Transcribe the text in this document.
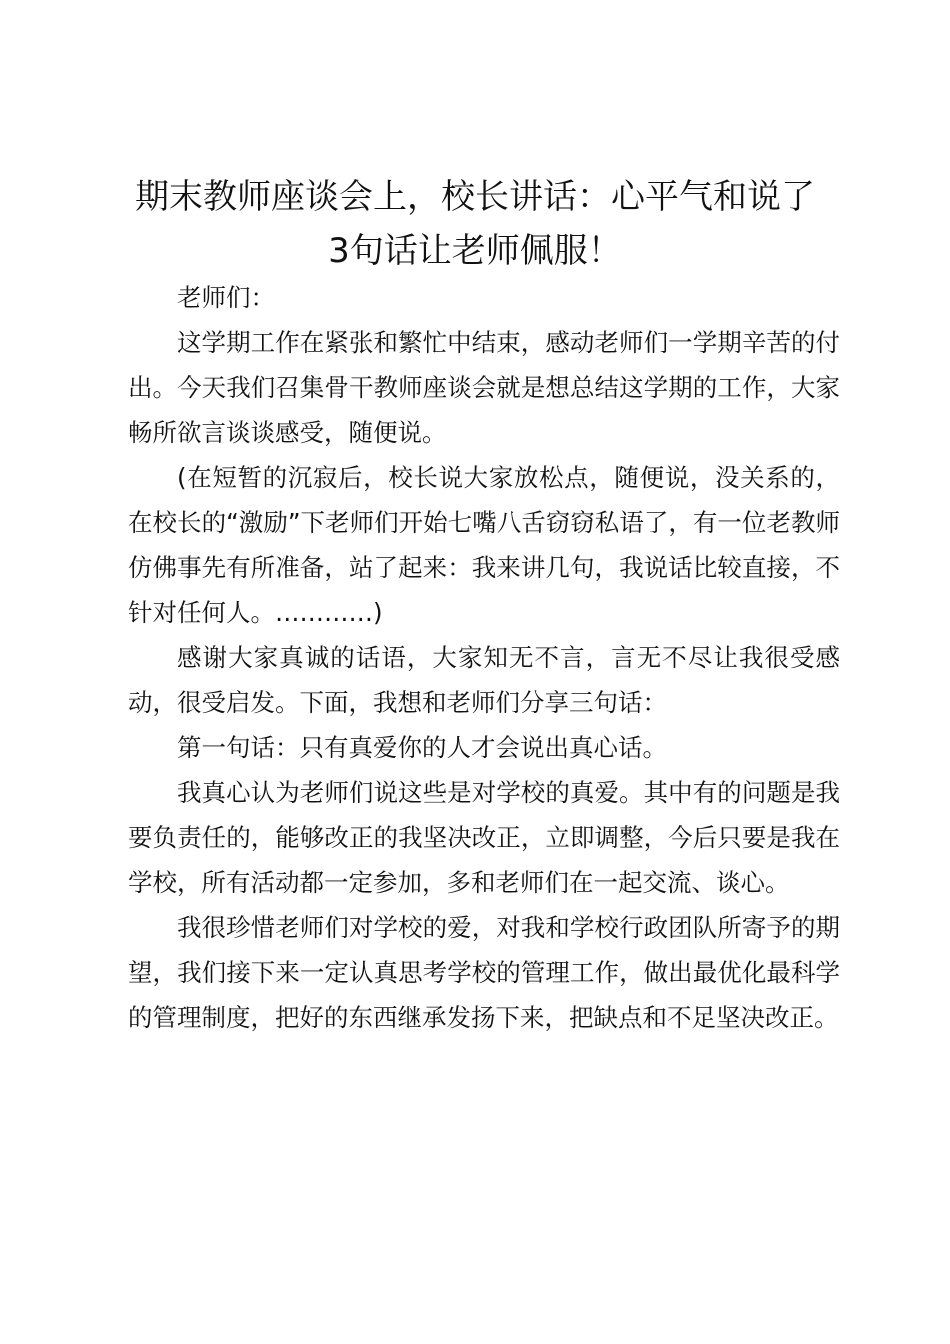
期末教师座谈会上，校长讲话：心平气和说了
3句话让老师佩服！

老师们：

这学期工作在紧张和繁忙中结束，感动老师们一学期辛苦的付出。今天我们召集骨干教师座谈会就是想总结这学期的工作，大家畅所欲言谈谈感受，随便说。

(在短暂的沉寂后，校长说大家放松点，随便说，没关系的，在校长的“激励”下老师们开始七嘴八舌窃窃私语了，有一位老教师仿佛事先有所准备，站了起来：我来讲几句，我说话比较直接，不针对任何人。…………)

感谢大家真诚的话语，大家知无不言，言无不尽让我很受感动，很受启发。下面，我想和老师们分享三句话：

第一句话：只有真爱你的人才会说出真心话。

我真心认为老师们说这些是对学校的真爱。其中有的问题是我要负责任的，能够改正的我坚决改正，立即调整，今后只要是我在学校，所有活动都一定参加，多和老师们在一起交流、谈心。

我很珍惜老师们对学校的爱，对我和学校行政团队所寄予的期望，我们接下来一定认真思考学校的管理工作，做出最优化最科学的管理制度，把好的东西继承发扬下来，把缺点和不足坚决改正。
